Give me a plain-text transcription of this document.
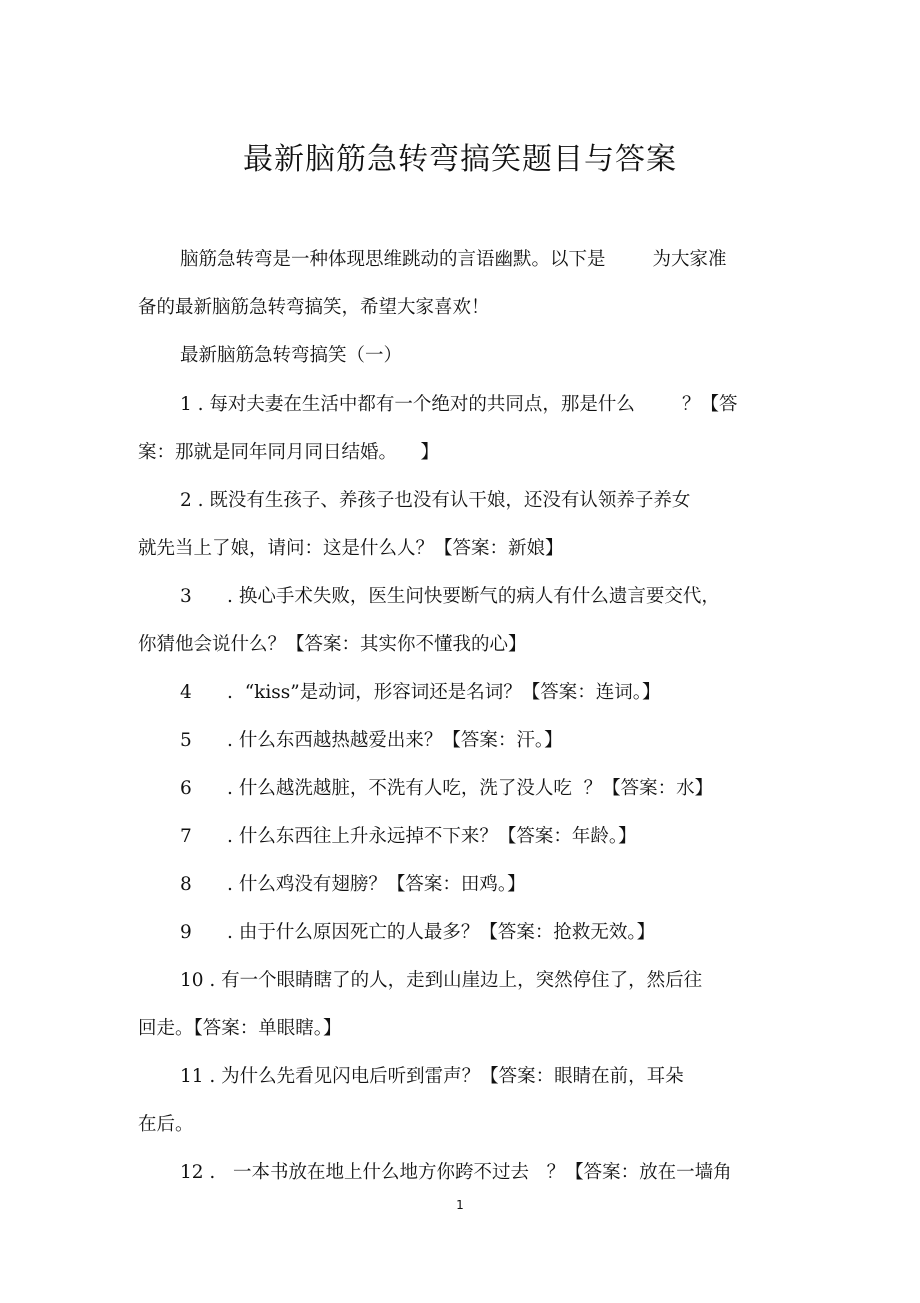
最新脑筋急转弯搞笑题目与答案

脑筋急转弯是一种体现思维跳动的言语幽默。以下是        为大家准

备的最新脑筋急转弯搞笑，希望大家喜欢！

最新脑筋急转弯搞笑（一）

1 . 每对夫妻在生活中都有一个绝对的共同点，那是什么        ？【答

案：那就是同年同月同日结婚。    】

2 . 既没有生孩子、养孩子也没有认干娘，还没有认领养子养女

就先当上了娘，请问：这是什么人？【答案：新娘】

3      . 换心手术失败，医生问快要断气的病人有什么遗言要交代，

你猜他会说什么？【答案：其实你不懂我的心】

4      .  “kiss”是动词，形容词还是名词？【答案：连词。】

5      . 什么东西越热越爱出来？【答案：汗。】

6      . 什么越洗越脏，不洗有人吃，洗了没人吃  ？【答案：水】

7      . 什么东西往上升永远掉不下来？【答案：年龄。】

8      . 什么鸡没有翅膀？【答案：田鸡。】

9      . 由于什么原因死亡的人最多？【答案：抢救无效。】

10 . 有一个眼睛瞎了的人，走到山崖边上，突然停住了，然后往

回走。【答案：单眼瞎。】

11 . 为什么先看见闪电后听到雷声？【答案：眼睛在前，耳朵

在后。

12 .   一本书放在地上什么地方你跨不过去   ？【答案：放在一墙角

1
